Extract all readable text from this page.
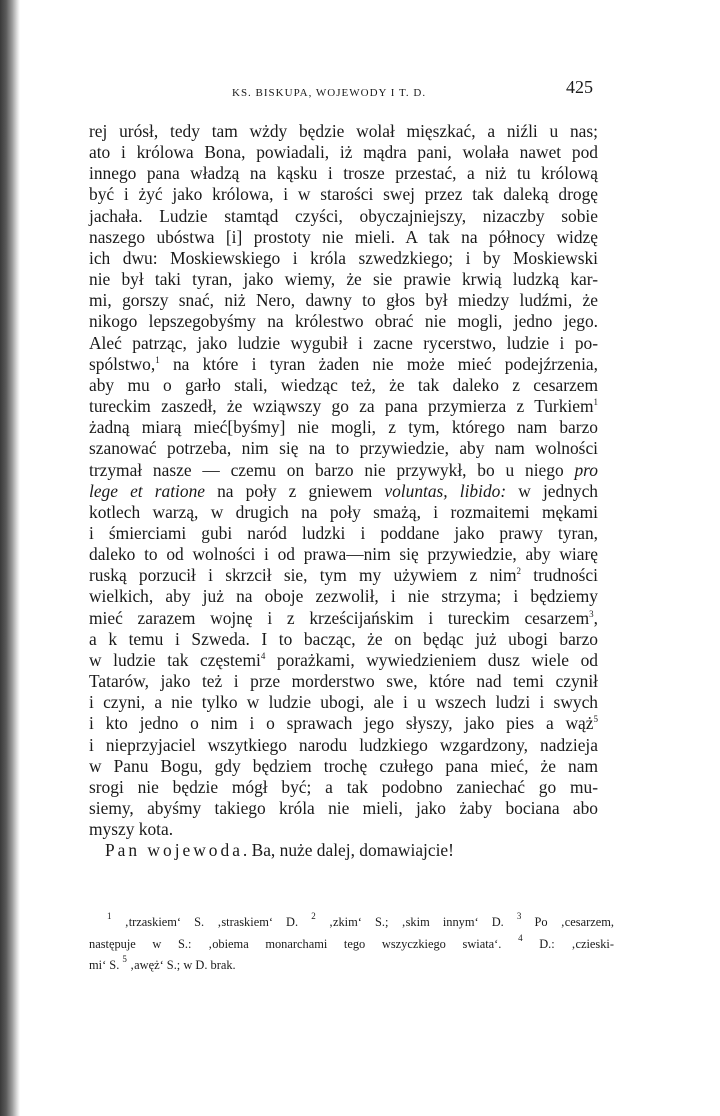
KS. BISKUPA, WOJEWODY I T. D.	425
rej urósł, tedy tam wżdy będzie wolał mięszkać, a niźli u nas;
ato i królowa Bona, powiadali, iż mądra pani, wolała nawet pod
innego pana władzą na kąsku i trosze przestać, a niż tu królową
być i żyć jako królowa, i w starości swej przez tak daleką drogę
jachała. Ludzie stamtąd czyści, obyczajniejszy, nizaczby sobie
naszego ubóstwa [i] prostoty nie mieli. A tak na północy widzę
ich dwu: Moskiewskiego i króla szwedzkiego; i by Moskiewski
nie był taki tyran, jako wiemy, że sie prawie krwią ludzką kar-
mi, gorszy snać, niż Nero, dawny to głos był miedzy ludźmi, że
nikogo lepszegobyśmy na królestwo obrać nie mogli, jedno jego.
Aleć patrząc, jako ludzie wygubił i zacne rycerstwo, ludzie i po-
spólstwo,$^1$ na które i tyran żaden nie może mieć podejźrzenia,
aby mu o garło stali, wiedząc też, że tak daleko z cesarzem
tureckim zaszedł, że wziąwszy go za pana przymierza z Turkiem$^1$
żadną miarą mieć[byśmy] nie mogli, z tym, którego nam barzo
szanować potrzeba, nim się na to przywiedzie, aby nam wolności
trzymał nasze — czemu on barzo nie przywykł, bo u niego pro
lege et ratione na poły z gniewem voluntas, libido: w jednych
kotlech warzą, w drugich na poły smażą, i rozmaitemi mękami
i śmierciami gubi naród ludzki i poddane jako prawy tyran,
daleko to od wolności i od prawa—nim się przywiedzie, aby wiarę
ruską porzucił i skrzcił sie, tym my używiem z nim$^2$ trudności
wielkich, aby już na oboje zezwolił, i nie strzyma; i będziemy
mieć zarazem wojnę i z krześcijańskim i tureckim cesarzem$^3$,
a k temu i Szweda. I to bacząc, że on będąc już ubogi barzo
w ludzie tak częstemi$^4$ porażkami, wywiedzieniem dusz wiele od
Tatarów, jako też i prze morderstwo swe, które nad temi czynił
i czyni, a nie tylko w ludzie ubogi, ale i u wszech ludzi i swych
i kto jedno o nim i o sprawach jego słyszy, jako pies a wąż$^5$
i nieprzyjaciel wszytkiego narodu ludzkiego wzgardzony, nadzieja
w Panu Bogu, gdy będziem trochę czułego pana mieć, że nam
srogi nie będzie mógł być; a tak podobno zaniechać go mu-
siemy, abyśmy takiego króla nie mieli, jako żaby bociana abo
myszy kota.
Pan wojewoda. Ba, nuże dalej, domawiajcie!
$^1$ ‚trzaskiem‘ S. ‚straskiem‘ D. $^2$ ‚zkim‘ S.; ‚skim innym‘ D. $^3$ Po ‚cesarzem,
następuje w S.: ‚obiema monarchami tego wszyczkiego swiata‘. $^4$ D.: ‚czieski-
mi‘ S. $^5$ ‚awęż‘ S.; w D. brak.
